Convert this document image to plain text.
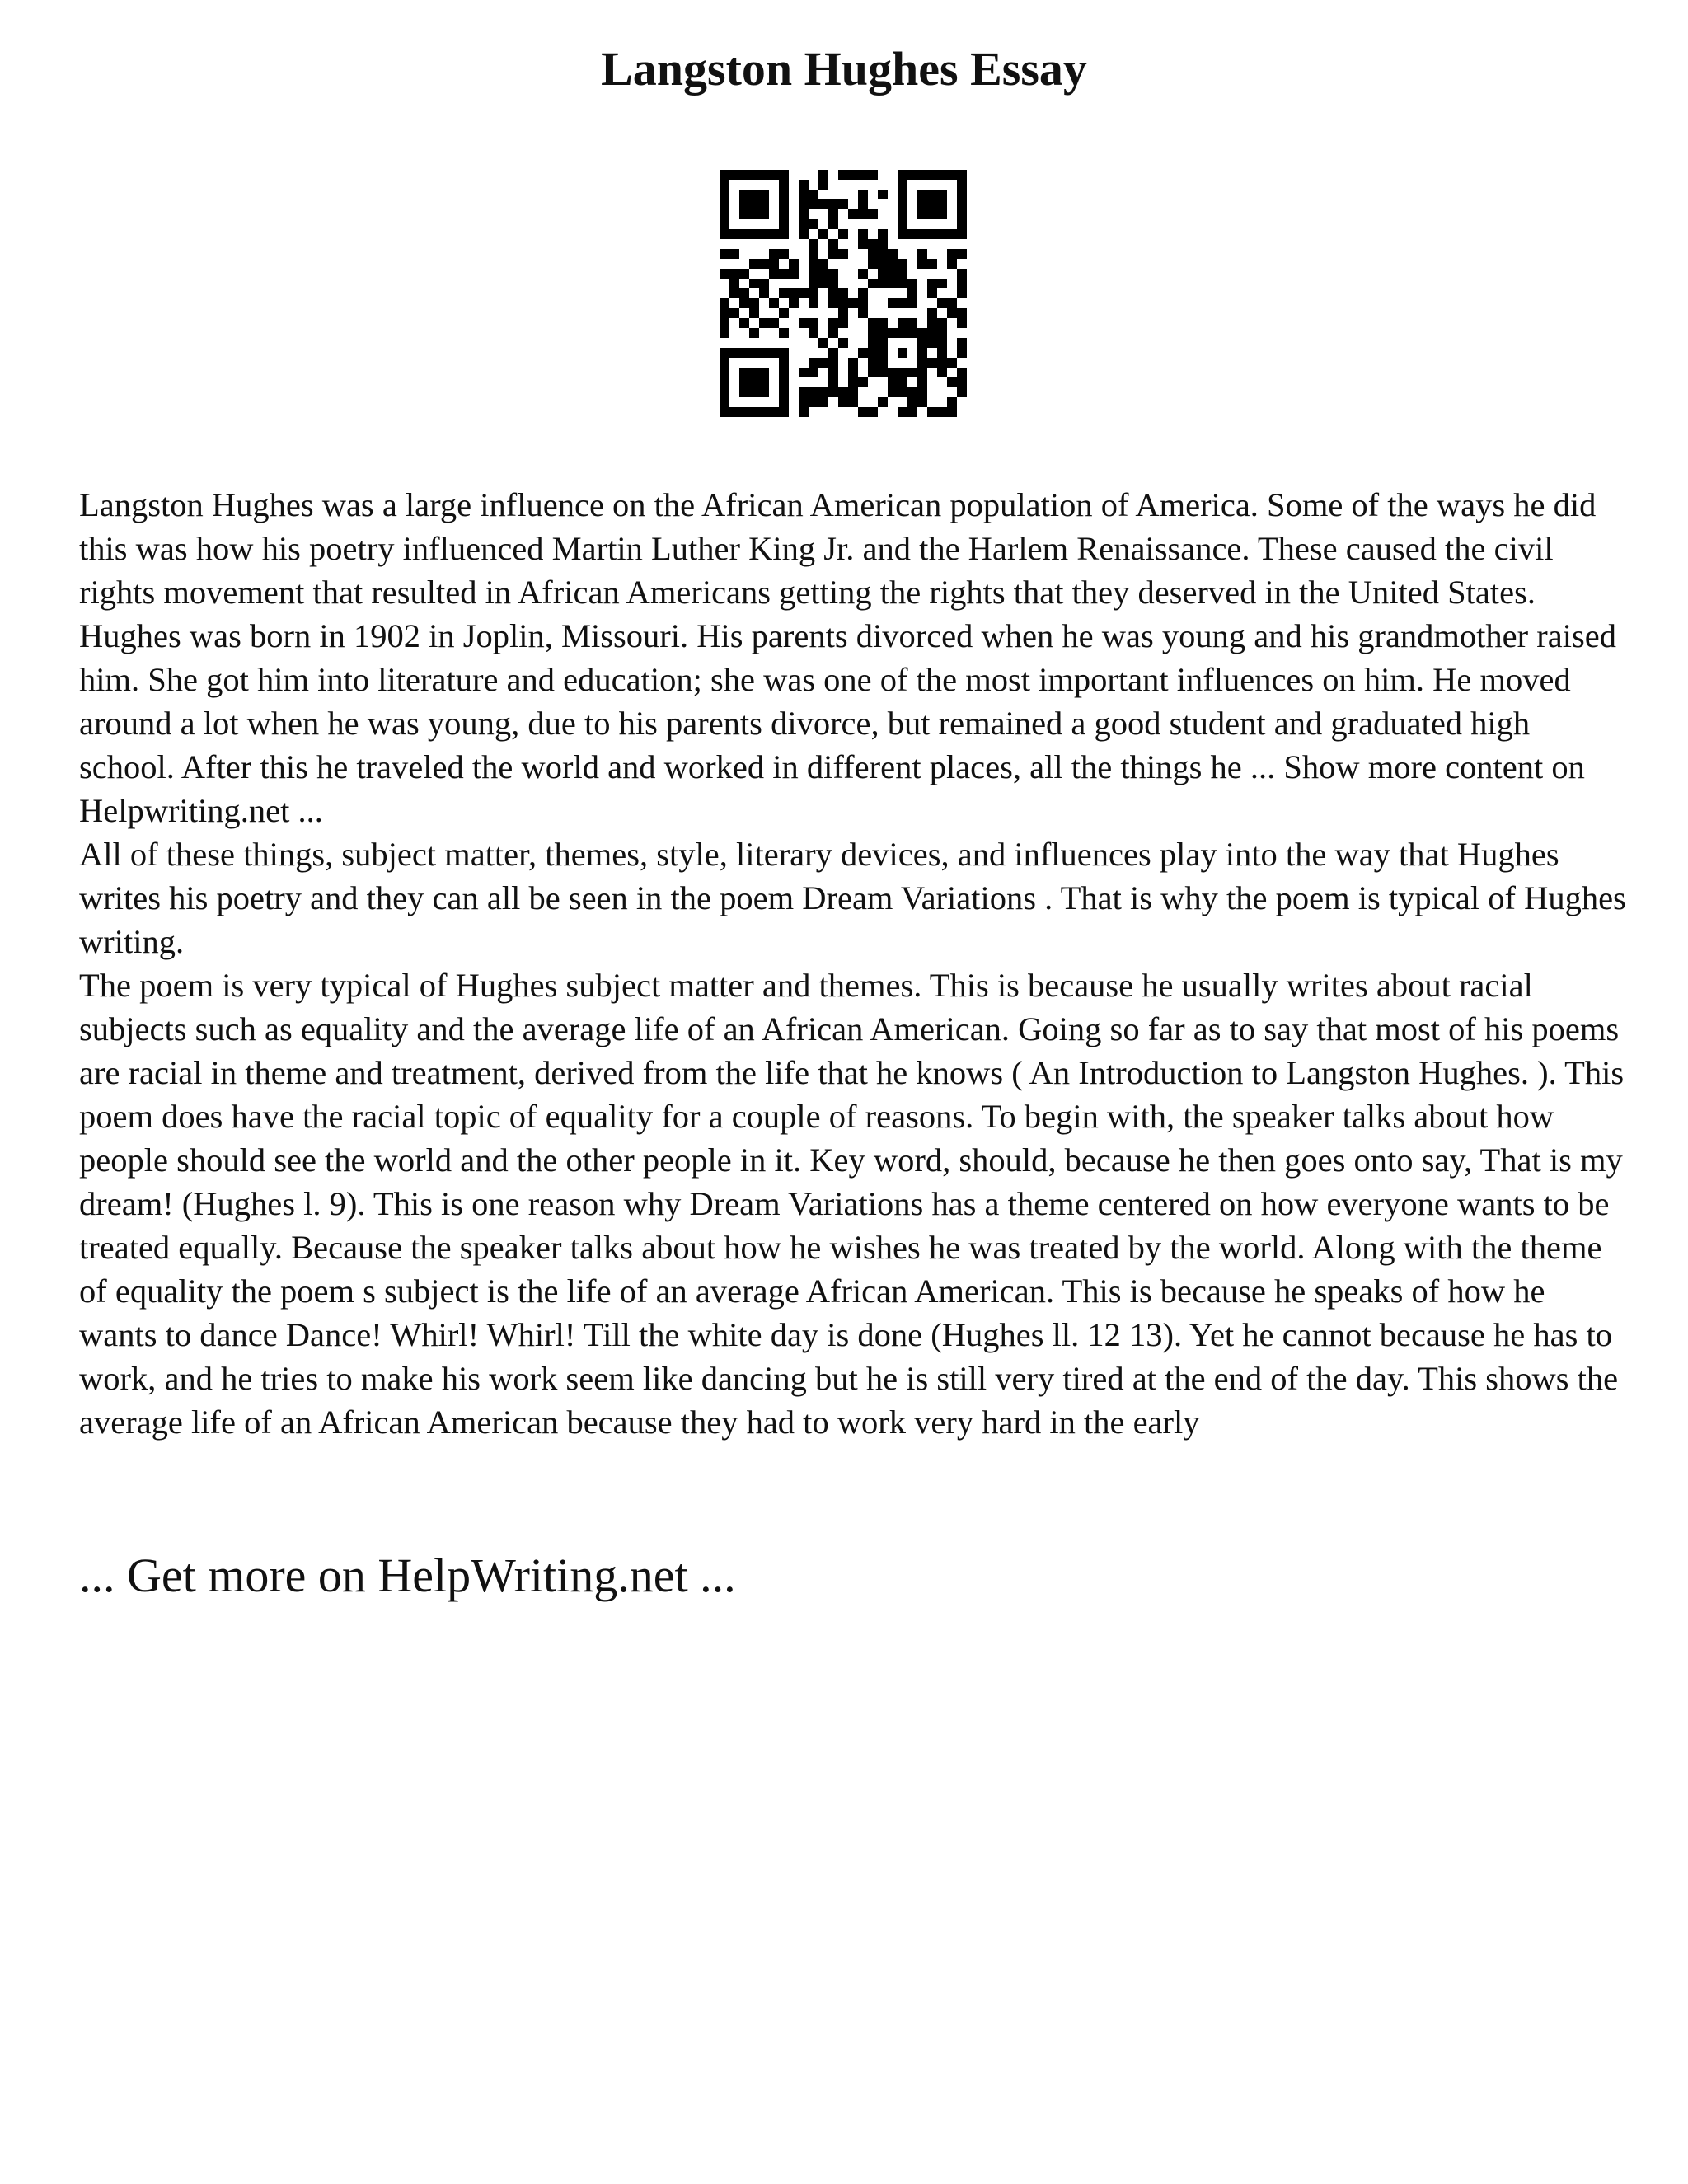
Langston Hughes Essay

Langston Hughes was a large influence on the African American population of America. Some of the ways he did this was how his poetry influenced Martin Luther King Jr. and the Harlem Renaissance. These caused the civil rights movement that resulted in African Americans getting the rights that they deserved in the United States. Hughes was born in 1902 in Joplin, Missouri. His parents divorced when he was young and his grandmother raised him. She got him into literature and education; she was one of the most important influences on him. He moved around a lot when he was young, due to his parents divorce, but remained a good student and graduated high school. After this he traveled the world and worked in different places, all the things he ... Show more content on Helpwriting.net ...

All of these things, subject matter, themes, style, literary devices, and influences play into the way that Hughes writes his poetry and they can all be seen in the poem Dream Variations . That is why the poem is typical of Hughes writing.

The poem is very typical of Hughes subject matter and themes. This is because he usually writes about racial subjects such as equality and the average life of an African American. Going so far as to say that most of his poems are racial in theme and treatment, derived from the life that he knows ( An Introduction to Langston Hughes. ). This poem does have the racial topic of equality for a couple of reasons. To begin with, the speaker talks about how people should see the world and the other people in it. Key word, should, because he then goes onto say, That is my dream! (Hughes l. 9). This is one reason why Dream Variations has a theme centered on how everyone wants to be treated equally. Because the speaker talks about how he wishes he was treated by the world. Along with the theme of equality the poem s subject is the life of an average African American. This is because he speaks of how he wants to dance Dance! Whirl! Whirl! Till the white day is done (Hughes ll. 12 13). Yet he cannot because he has to work, and he tries to make his work seem like dancing but he is still very tired at the end of the day. This shows the average life of an African American because they had to work very hard in the early

... Get more on HelpWriting.net ...
